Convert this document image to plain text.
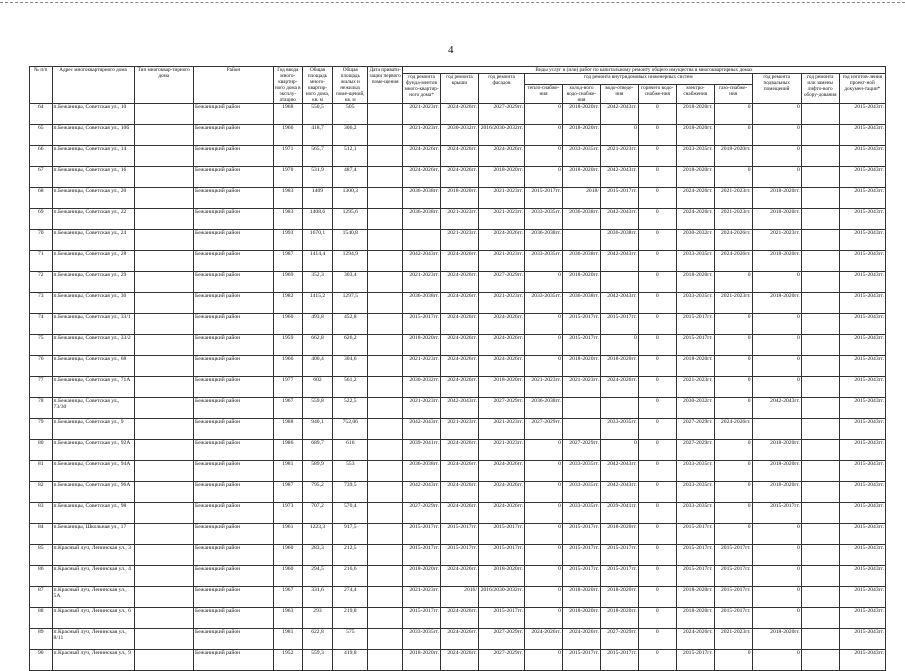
4
№ п/п	Адрес многоквартирного дома	Тип многоквар-тирного дома	Район	Год ввода много-квартир-ного дома в эксплу-атацию	Общая площадь много-квартир-ного дома, кв. м	Общая площадь жилых и нежилых поме-щений, кв. м	Дата привати-зации первого поме-щения	Виды услуг и (или) работ по капитальному ремонту общего имущества в многоквартирных домах											
								год ремонта фунда-ментов много-квартир-ного дома*	год ремонта крыши	год ремонта фасадов	год ремонта внутридомовых инженерных систем						год ремонта подвальных помещений	год ремонта или замены лифто-вого обору-дования	год изготов-ления проект-ной докумен-тации*
											тепло-снабже-ния	холод-ного водо-снабже-ния	водо-отведе-ния	горячего водо-снабже-ния	электро-снабжения	газо-снабже-ния			
64	п.Бежаницы, Советская ул., 10		Бежаницкий район	1968	550,5	505		2021-2023гг.	2024-2026гг.	2027-2029гг.	0	2018-2020гг.	2042-2043гг.	0	2018-2020гг.	0	0		2015-2043гг.
65	п.Бежаницы, Советская ул., 10б		Бежаницкий район	1966	418,7	306,2		2021-2023гг.	2030-2032гг.	2016/2030-2032гг.	0	2018-2020гг.	0	0	2018-2020гг.	0	0		2015-2043гг.
66	п.Бежаницы, Советская ул., 14		Бежаницкий район	1971	565,7	512,1		2024-2026гг.	2024-2026гг.	2024-2026гг.	0	2033-2035гг.	2021-2023гг.	0	2033-2035гг.	2018-2020гг.	0		2015-2043гг.
67	п.Бежаницы, Советская ул., 16		Бежаницкий район	1970	531,9	487,4		2024-2026гг.	2024-2026гг.	2018-2020гг.	0	2018-2020гг.	2042-2043гг.	0	2018-2020гг.	0	0		2015-2043гг.
68	п.Бежаницы, Советская ул., 20		Бежаницкий район	1983	1409	1300,3		2036-2038гг.	2018-2020гг.	2021-2023гг.	2015-2017гг.	2018/	2015-2017гг.	0	2024-2026гг.	2021-2023гг.	2018-2020гг.		2015-2043гг.
69	п.Бежаницы, Советская ул., 22		Бежаницкий район	1983	1408,6	1295,6		2036-2038гг.	2021-2023гг.	2021-2023гг.	2033-2035гг.	2036-2038гг.	2042-2043гг.	0	2024-2026гг.	2021-2023гг.	2018-2020гг.		2015-2043гг.
70	п.Бежаницы, Советская ул., 24		Бежаницкий район	1993	1670,1	1540,8			2021-2023гг.	2024-2026гг.	2036-2038гг.		2036-2038гг.	0	2030-2032гг.	2024-2026гг.	2021-2023гг.		2015-2043гг.
71	п.Бежаницы, Советская ул., 28		Бежаницкий район	1987	1414,4	1294,9		2042-2043гг.	2024-2026гг.	2021-2023гг.	2033-2035гг.	2036-2038гг.	2042-2043гг.	0	2033-2035гг.	2024-2026гг.	2018-2020гг.		2015-2043гг.
72	п.Бежаницы, Советская ул., 29		Бежаницкий район	1969	352,3	303,4		2021-2023гг.	2024-2026гг.	2027-2029гг.	0	2018-2020гг.		0	2018-2020гг.	0	0		2015-2043гг.
73	п.Бежаницы, Советская ул., 30		Бежаницкий район	1982	1415,2	1297,5		2036-2038гг.	2024-2026гг.	2021-2023гг.	2033-2035гг.	2036-2038гг.	2042-2043гг.	0	2033-2035гг.	2021-2023гг.	2018-2020гг.		2015-2043гг.
74	п.Бежаницы, Советская ул., 33/1		Бежаницкий район	1960	493,8	452,8		2015-2017гг.	2024-2026гг.	2024-2026гг.	0	2015-2017гг.	2015-2017гг.	0	2015-2017гг.	0	0		2015-2043гг.
75	п.Бежаницы, Советская ул., 33/2		Бежаницкий район	1959	662,8	626,2		2018-2020гг.	2024-2026гг.	2024-2026гг.	0	2015-2017гг.	0	0	2015-2017гг.	0	0		2015-2043гг.
76	п.Бежаницы, Советская ул., 68		Бежаницкий район	1966	400,4	304,6		2021-2023гг.	2024-2026гг.	2024-2026гг.	0	2018-2020гг.	2018-2020гг.	0	2018-2020гг.	0	0		2015-2043гг.
77	п.Бежаницы, Советская ул., 71А		Бежаницкий район	1977	602	561,2		2030-2032гг.	2024-2026гг.	2018-2020гг.	2021-2023гг.	2021-2023гг.	2024-2026гг.	0	2021-2023гг.	0	0		2015-2043гг.
78	п.Бежаницы, Советская ул., 73/30		Бежаницкий район	1967	559,8	522,5		2021-2023гг.	2042-2043гг.	2027-2029гг.	2036-2038гг.			0	2030-2032гг.	0	2042-2043гг.		2015-2043гг.
79	п.Бежаницы, Советская ул., 9		Бежаницкий район	1988	940,1	752,06		2042-2043гг.	2021-2023гг.	2021-2023гг.	2027-2029гг.		2033-2035гг.	0	2027-2029гг.	2024-2026гг.			2015-2043гг.
80	п.Бежаницы, Советская ул., 92А		Бежаницкий район	1986	689,7	616		2039-2041гг.	2024-2026гг.	2021-2023гг.	0	2027-2029гг.	0	0	2027-2029гг.	0	2018-2020гг.		2015-2043гг.
81	п.Бежаницы, Советская ул., 94А		Бежаницкий район	1981	589,9	553		2036-2038гг.	2024-2026гг.	2024-2026гг.	0	2033-2035гг.	2042-2043гг.	0	2033-2035гг.	0	2018-2020гг.		2015-2043гг.
82	п.Бежаницы, Советская ул., 96А		Бежаницкий район	1987	795,2	739,5		2042-2043гг.	2024-2026гг.	2024-2026гг.	0	2033-2035гг.	2042-2043гг.	0	2033-2035гг.	0	2018-2020гг.		2015-2043гг.
83	п.Бежаницы, Советская ул., 98		Бежаницкий район	1973	707,2	570,4		2027-2029гг.	2024-2026гг.	2024-2026гг.	0	2033-2035гг.	2039-2041гг.	0	2033-2035гг.	0	2015-2017гг.		2015-2043гг.
84	п.Бежаницы, Школьная ул., 17		Бежаницкий район	1961	1223,3	917,5		2015-2017гг.	2015-2017гг.	2015-2017гг.	0	2015-2017гг.	2018-2020гг.	0	2015-2017гг.	0	0		2015-2043гг.
85	п.Красный луч, Ленинская ул., 3		Бежаницкий район	1960	283,3	212,5		2015-2017гг.	2015-2017гг.	2015-2017гг.	0	2015-2017гг.	2015-2017гг.	0	2015-2017гг.	2015-2017гг.	0		2015-2043гг.
86	п.Красный луч, Ленинская ул., 4		Бежаницкий район	1960	294,5	216,6		2018-2020гг.	2024-2026гг.	2018-2020гг.	0	2015-2017гг.	2015-2017гг.	0	2015-2017гг.	2015-2017гг.	0		2015-2043гг.
87	п.Красный луч, Ленинская ул., 5А		Бежаницкий район	1967	331,6	274,4		2021-2023гг.	2016/	2016/2030-2032гг.	0	2018-2020гг.	2018-2020гг.	0	2018-2020гг.	2015-2017гг.	0		2015-2043гг.
88	п.Красный луч, Ленинская ул., 6		Бежаницкий район	1963	293	219,8		2015-2017гг.	2024-2026гг.	2015-2017гг.	0	2018-2020гг.	2018-2020гг.	0	2018-2020гг.	2015-2017гг.	0		2015-2043гг.
89	п.Красный луч, Ленинская ул., 8/11		Бежаницкий район	1981	622,8	575		2033-2035гг.	2024-2026гг.	2027-2029гг.	2024-2026гг.	2024-2026гг.	2027-2029гг.	0	2024-2026гг.	2021-2023гг.	2018-2020гг.		2015-2043гг.
90	п.Красный луч, Ленинская ул., 9		Бежаницкий район	1952	559,3	419,8		2018-2020гг.	2024-2026гг.	2027-2029гг.	0	2015-2017гг.	2015-2017гг.	0	2015-2017гг.	0	0		2015-2043гг.
